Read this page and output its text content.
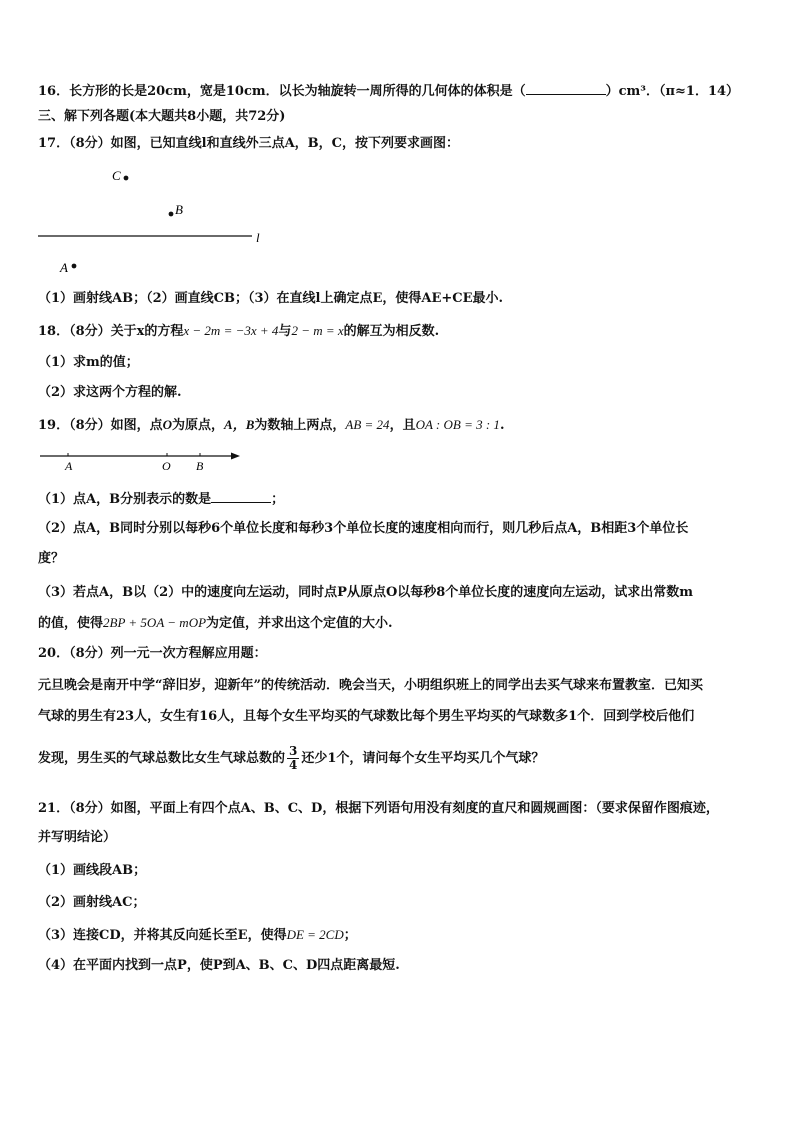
16．长方形的长是20cm，宽是10cm．以长为轴旋转一周所得的几何体的体积是（	）cm³．（π≈1．14）
三、解下列各题(本大题共8小题，共72分)
17．（8分）如图，已知直线l和直线外三点A，B，C，按下列要求画图：
C
B
l
A
（1）画射线AB；（2）画直线CB；（3）在直线l上确定点E，使得AE+CE最小.
18．（8分）关于x的方程x − 2m = −3x + 4与2 − m = x的解互为相反数.
（1）求m的值；
（2）求这两个方程的解.
19．（8分）如图，点O为原点，A，B为数轴上两点，AB = 24，且OA : OB = 3 : 1.
A	O B
（1）点A，B分别表示的数是	；
（2）点A，B同时分别以每秒6个单位长度和每秒3个单位长度的速度相向而行，则几秒后点A，B相距3个单位长
度？
（3）若点A，B以（2）中的速度向左运动，同时点P从原点O以每秒8个单位长度的速度向左运动，试求出常数m
的值，使得2BP + 5OA − mOP为定值，并求出这个定值的大小.
20．（8分）列一元一次方程解应用题：
元旦晚会是南开中学“辞旧岁，迎新年”的传统活动．晚会当天，小明组织班上的同学出去买气球来布置教室．已知买
气球的男生有23人，女生有16人，且每个女生平均买的气球数比每个男生平均买的气球数多1个．回到学校后他们
发现，男生买的气球总数比女生气球总数的 $\frac{3}{4}$ 还少1个，请问每个女生平均买几个气球？
21．（8分）如图，平面上有四个点A、B、C、D，根据下列语句用没有刻度的直尺和圆规画图：（要求保留作图痕迹，
并写明结论）
（1）画线段AB；
（2）画射线AC；
（3）连接CD，并将其反向延长至E，使得DE = 2CD；
（4）在平面内找到一点P，使P到A、B、C、D四点距离最短.
